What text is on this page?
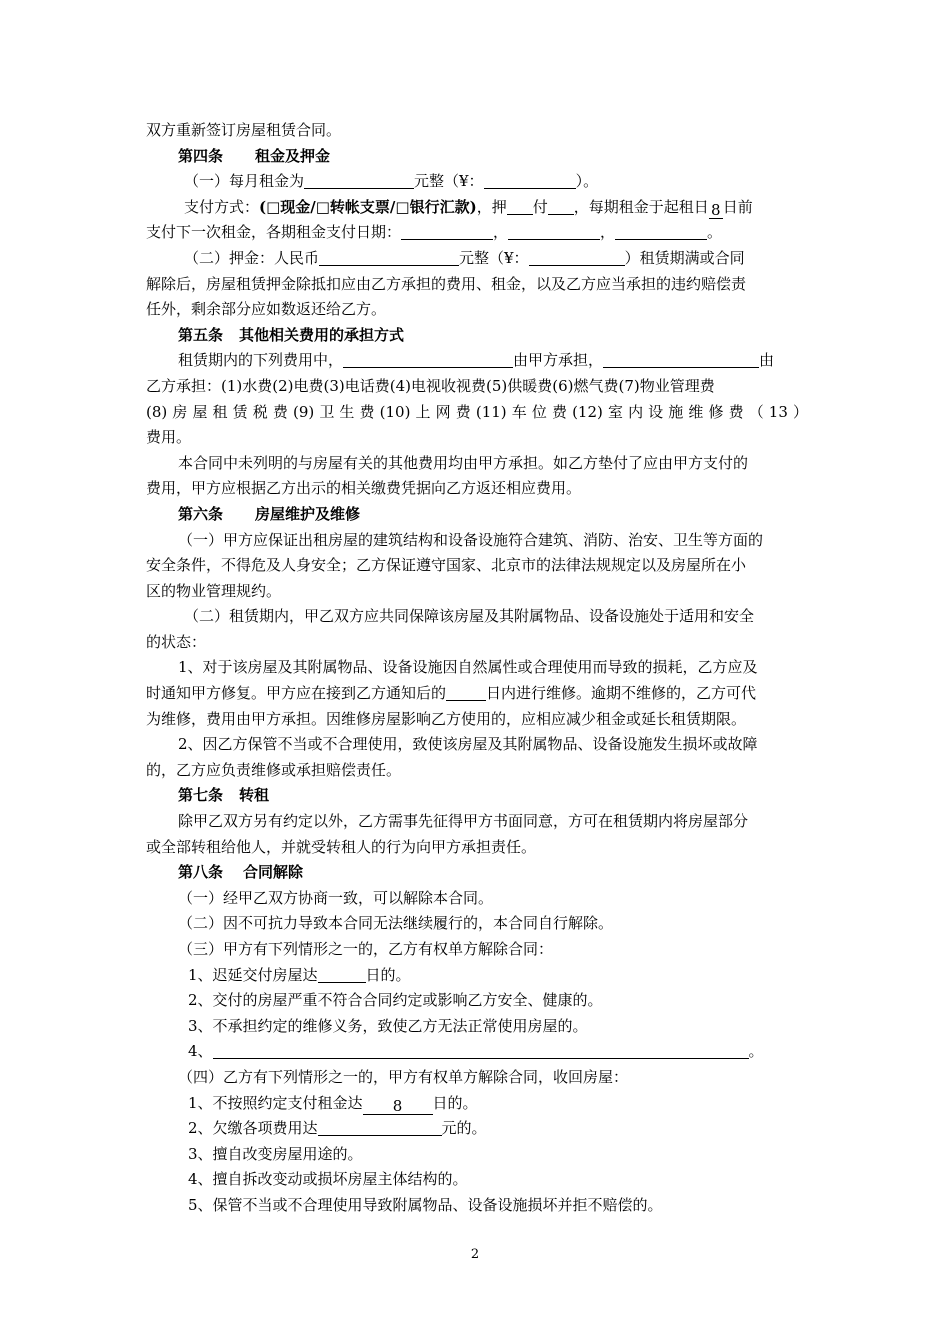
双方重新签订房屋租赁合同。

第四条 租金及押金

（一）每月租金为	元整（¥：	）。

支付方式：(□现金/□转帐支票/□银行汇款)，押 付 ，每期租金于起租日 8 日前

支付下一次租金，各期租金支付日期：	，	，	。

（二）押金：人民币	元整（¥：	）租赁期满或合同

解除后，房屋租赁押金除抵扣应由乙方承担的费用、租金，以及乙方应当承担的违约赔偿责

任外，剩余部分应如数返还给乙方。

第五条 其他相关费用的承担方式

租赁期内的下列费用中，	由甲方承担，	由

乙方承担：(1)水费(2)电费(3)电话费(4)电视收视费(5)供暖费(6)燃气费(7)物业管理费

(8)房屋租赁税费(9)卫生费(10)上网费(11)车位费(12)室内设施维修费（13）

费用。

本合同中未列明的与房屋有关的其他费用均由甲方承担。如乙方垫付了应由甲方支付的

费用，甲方应根据乙方出示的相关缴费凭据向乙方返还相应费用。

第六条 房屋维护及维修

（一）甲方应保证出租房屋的建筑结构和设备设施符合建筑、消防、治安、卫生等方面的

安全条件，不得危及人身安全；乙方保证遵守国家、北京市的法律法规规定以及房屋所在小

区的物业管理规约。

（二）租赁期内，甲乙双方应共同保障该房屋及其附属物品、设备设施处于适用和安全

的状态：

1、对于该房屋及其附属物品、设备设施因自然属性或合理使用而导致的损耗，乙方应及

时通知甲方修复。甲方应在接到乙方通知后的	日内进行维修。逾期不维修的，乙方可代

为维修，费用由甲方承担。因维修房屋影响乙方使用的，应相应减少租金或延长租赁期限。

2、因乙方保管不当或不合理使用，致使该房屋及其附属物品、设备设施发生损坏或故障

的，乙方应负责维修或承担赔偿责任。

第七条 转租

除甲乙双方另有约定以外，乙方需事先征得甲方书面同意，方可在租赁期内将房屋部分

或全部转租给他人，并就受转租人的行为向甲方承担责任。

第八条 合同解除

（一）经甲乙双方协商一致，可以解除本合同。

（二）因不可抗力导致本合同无法继续履行的，本合同自行解除。

（三）甲方有下列情形之一的，乙方有权单方解除合同：

1、迟延交付房屋达	日的。

2、交付的房屋严重不符合合同约定或影响乙方安全、健康的。

3、不承担约定的维修义务，致使乙方无法正常使用房屋的。

4、	。

（四）乙方有下列情形之一的，甲方有权单方解除合同，收回房屋：

1、不按照约定支付租金达 8 日的。

2、欠缴各项费用达	元的。

3、擅自改变房屋用途的。

4、擅自拆改变动或损坏房屋主体结构的。

5、保管不当或不合理使用导致附属物品、设备设施损坏并拒不赔偿的。

2
